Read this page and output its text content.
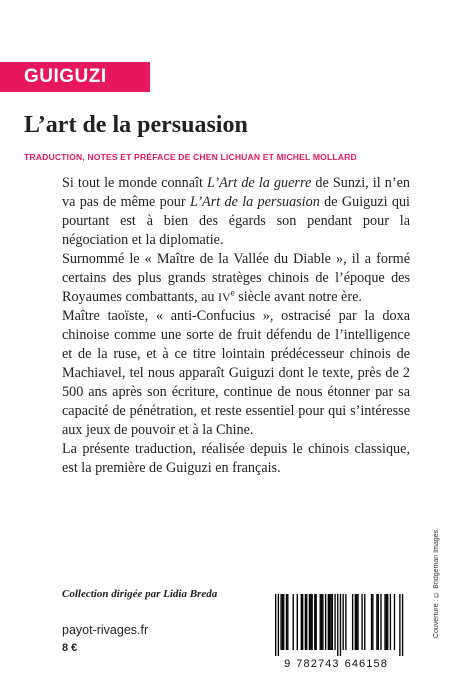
GUIGUZI
L’art de la persuasion
TRADUCTION, NOTES ET PRÉFACE DE CHEN LICHUAN ET MICHEL MOLLARD

Si tout le monde connaît L’Art de la guerre de Sunzi, il n’en va pas de même pour L’Art de la persuasion de Guiguzi qui pourtant est à bien des égards son pendant pour la négociation et la diplomatie.

Surnommé le « Maître de la Vallée du Diable », il a formé certains des plus grands stratèges chinois de l’époque des Royaumes combattants, au IVe siècle avant notre ère.

Maître taoïste, « anti-Confucius », ostracisé par la doxa chinoise comme une sorte de fruit défendu de l’intelligence et de la ruse, et à ce titre lointain prédécesseur chinois de Machiavel, tel nous apparaît Guiguzi dont le texte, près de 2 500 ans après son écriture, continue de nous étonner par sa capacité de pénétration, et reste essentiel pour qui s’intéresse aux jeux de pouvoir et à la Chine.

La présente traduction, réalisée depuis le chinois classique, est la première de Guiguzi en français.

Collection dirigée par Lidia Breda
payot-rivages.fr
8 €
9 782743 646158
Couverture : © Bridgeman Images.
